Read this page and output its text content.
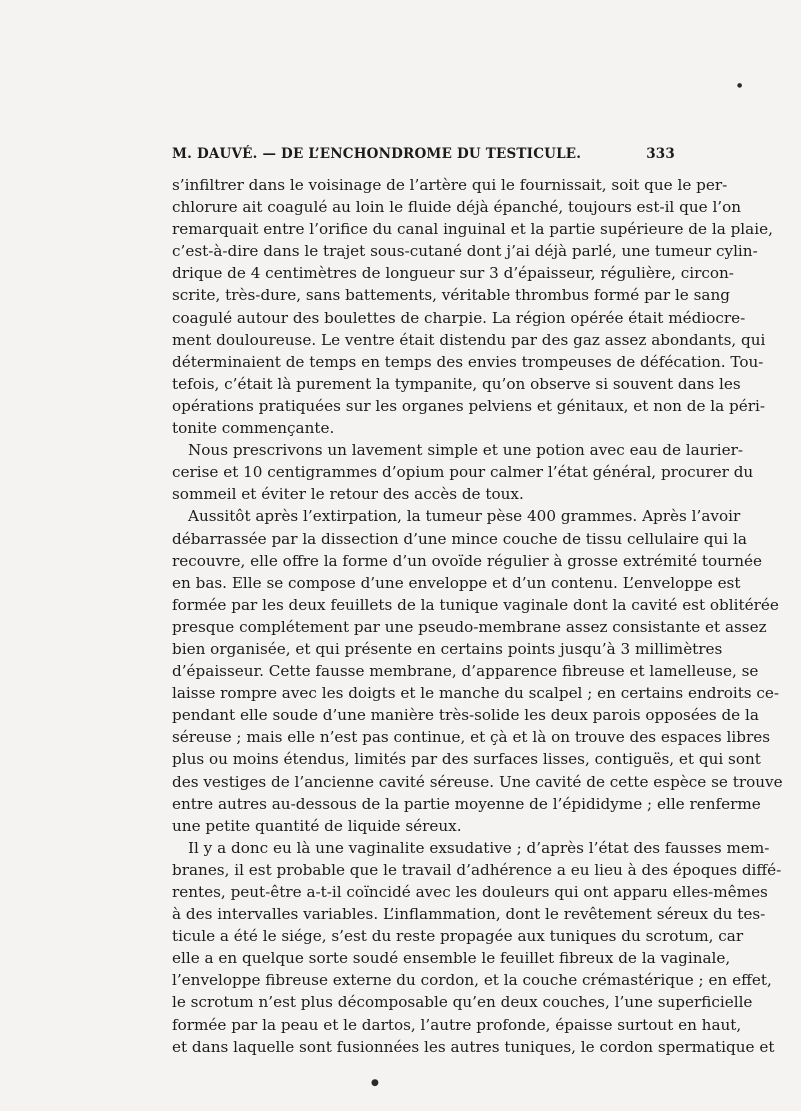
M. DAUVÉ. — DE L’ENCHONDROME DU TESTICULE.	333
s’infiltrer dans le voisinage de l’artère qui le fournissait, soit que le per-
chlorure ait coagulé au loin le fluide déjà épanché, toujours est-il que l’on
remarquait entre l’orifice du canal inguinal et la partie supérieure de la plaie,
c’est-à-dire dans le trajet sous-cutané dont j’ai déjà parlé, une tumeur cylin-
drique de 4 centimètres de longueur sur 3 d’épaisseur, régulière, circon-
scrite, très-dure, sans battements, véritable thrombus formé par le sang
coagulé autour des boulettes de charpie. La région opérée était médiocre-
ment douloureuse. Le ventre était distendu par des gaz assez abondants, qui
déterminaient de temps en temps des envies trompeuses de défécation. Tou-
tefois, c’était là purement la tympanite, qu’on observe si souvent dans les
opérations pratiquées sur les organes pelviens et génitaux, et non de la péri-
tonite commençante.
Nous prescrivons un lavement simple et une potion avec eau de laurier-
cerise et 10 centigrammes d’opium pour calmer l’état général, procurer du
sommeil et éviter le retour des accès de toux.
Aussitôt après l’extirpation, la tumeur pèse 400 grammes. Après l’avoir
débarrassée par la dissection d’une mince couche de tissu cellulaire qui la
recouvre, elle offre la forme d’un ovoïde régulier à grosse extrémité tournée
en bas. Elle se compose d’une enveloppe et d’un contenu. L’enveloppe est
formée par les deux feuillets de la tunique vaginale dont la cavité est oblitérée
presque complétement par une pseudo-membrane assez consistante et assez
bien organisée, et qui présente en certains points jusqu’à 3 millimètres
d’épaisseur. Cette fausse membrane, d’apparence fibreuse et lamelleuse, se
laisse rompre avec les doigts et le manche du scalpel ; en certains endroits ce-
pendant elle soude d’une manière très-solide les deux parois opposées de la
séreuse ; mais elle n’est pas continue, et çà et là on trouve des espaces libres
plus ou moins étendus, limités par des surfaces lisses, contiguës, et qui sont
des vestiges de l’ancienne cavité séreuse. Une cavité de cette espèce se trouve
entre autres au-dessous de la partie moyenne de l’épididyme ; elle renferme
une petite quantité de liquide séreux.
Il y a donc eu là une vaginalite exsudative ; d’après l’état des fausses mem-
branes, il est probable que le travail d’adhérence a eu lieu à des époques diffé-
rentes, peut-être a-t-il coïncidé avec les douleurs qui ont apparu elles-mêmes
à des intervalles variables. L’inflammation, dont le revêtement séreux du tes-
ticule a été le siége, s’est du reste propagée aux tuniques du scrotum, car
elle a en quelque sorte soudé ensemble le feuillet fibreux de la vaginale,
l’enveloppe fibreuse externe du cordon, et la couche crémastérique ; en effet,
le scrotum n’est plus décomposable qu’en deux couches, l’une superficielle
formée par la peau et le dartos, l’autre profonde, épaisse surtout en haut,
et dans laquelle sont fusionnées les autres tuniques, le cordon spermatique et
●
●
